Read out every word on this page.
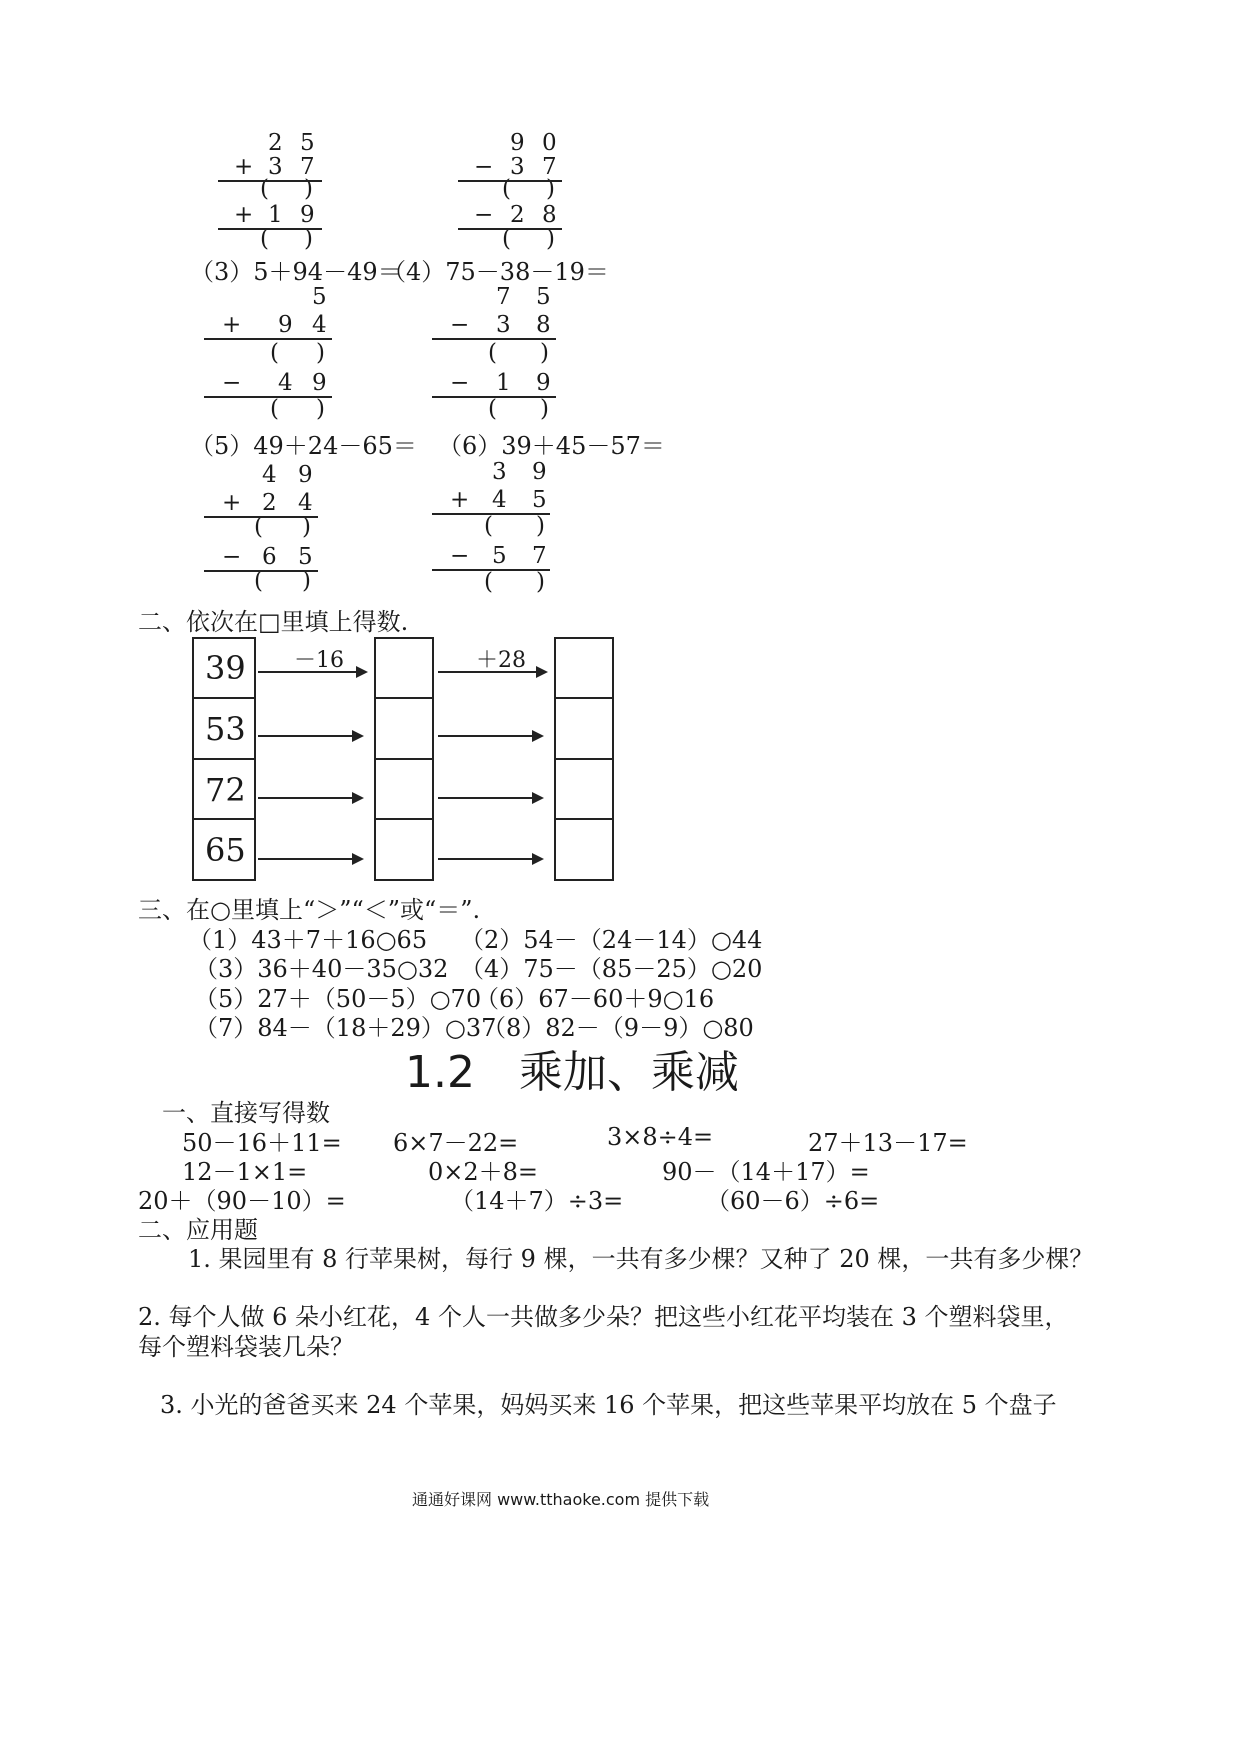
2 5
+ 3 7
( )
+ 1 9
( )
9 0
− 3 7
( )
− 2 8
( )
5
+ 9 4
( )
− 4 9
( )
7 5
− 3 8
( )
− 1 9
( )
4 9
+ 2 4
( )
− 6 5
( )
3 9
+ 4 5
( )
− 5 7
( )
（3）5＋94－49＝
（4）75－38－19＝
（5）49＋24－65＝ （6）39＋45－57＝
二、依次在□里填上得数.
39
53
72
65
－16	＋28
三、在○里填上“＞”“＜”或“＝”.
（1）43＋7＋16○65 （2）54－（24－14）○44
（3）36＋40－35○32 （4）75－（85－25）○20
（5）27＋（50－5）○70
（6）67－60＋9○16
（7）84－（18＋29）○37
（8）82－（9－9）○80
1.2　乘加、乘减
一、直接写得数
50－16＋11= 6×7－22=	3×8÷4=	27＋13－17=
12－1×1=	0×2＋8=	90－（14＋17）=
20＋（90－10）=	（14＋7）÷3=	（60－6）÷6=
二、应用题
1. 果园里有 8 行苹果树，每行 9 棵，一共有多少棵？又种了 20 棵，一共有多少棵？
2. 每个人做 6 朵小红花，4 个人一共做多少朵？把这些小红花平均装在 3 个塑料袋里，
每个塑料袋装几朵？
3. 小光的爸爸买来 24 个苹果，妈妈买来 16 个苹果，把这些苹果平均放在 5 个盘子
通通好课网 www.tthaoke.com 提供下载
